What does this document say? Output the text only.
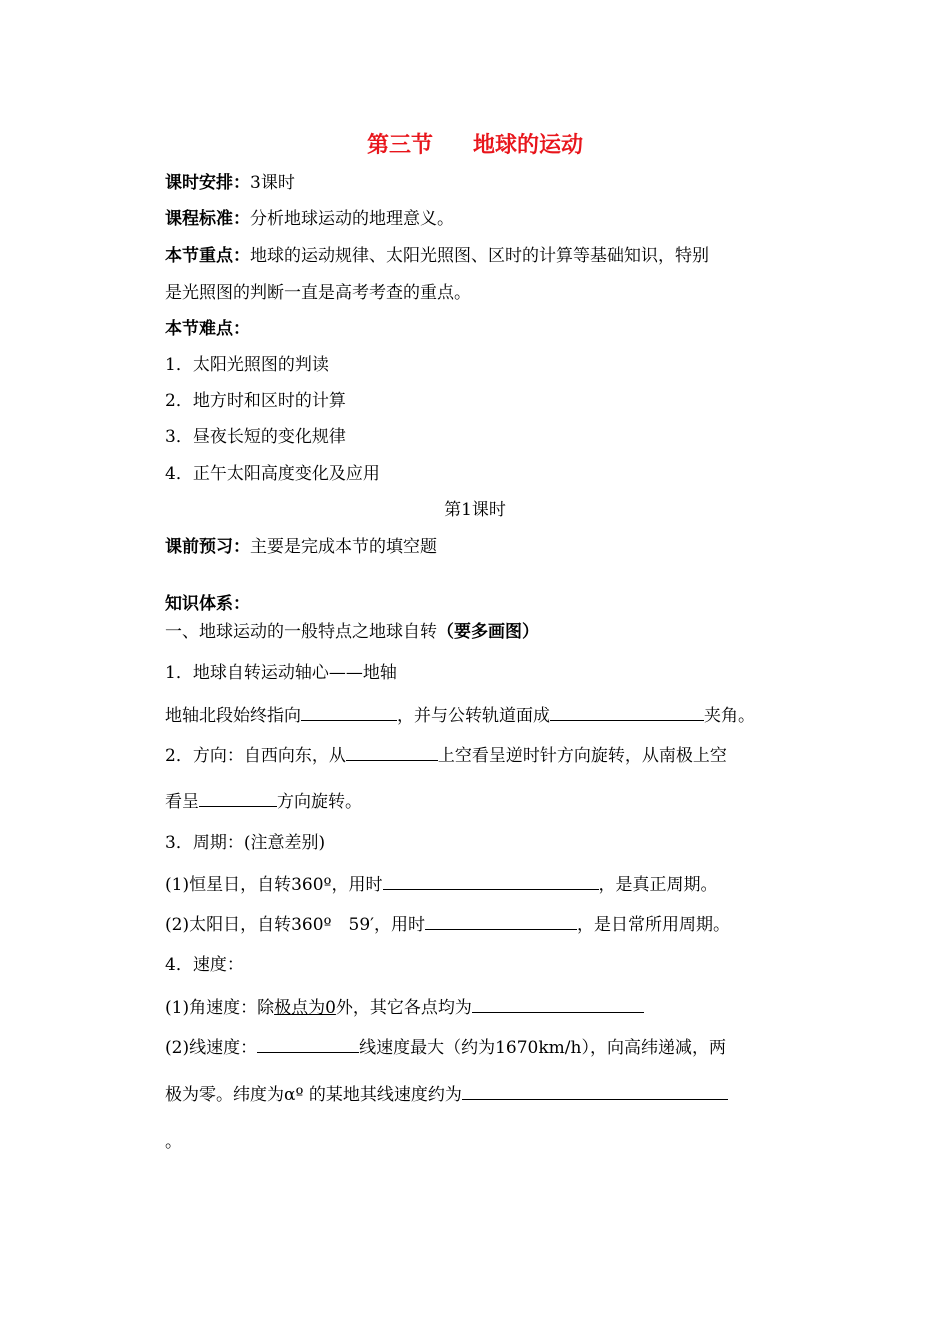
第三节 地球的运动

课时安排：3课时

课程标准：分析地球运动的地理意义。

本节重点：地球的运动规律、太阳光照图、区时的计算等基础知识，特别

是光照图的判断一直是高考考查的重点。

本节难点：

1．太阳光照图的判读

2．地方时和区时的计算

3．昼夜长短的变化规律

4．正午太阳高度变化及应用

第1课时

课前预习：主要是完成本节的填空题

知识体系：

一、地球运动的一般特点之地球自转（要多画图）

1．地球自转运动轴心——地轴

地轴北段始终指向	，并与公转轨道面成	夹角。

2．方向：自西向东，从	上空看呈逆时针方向旋转，从南极上空

看呈	方向旋转。

3．周期：(注意差别)

(1)恒星日，自转360º，用时	，是真正周期。

(2)太阳日，自转360º　59′，用时	，是日常所用周期。

4．速度：

(1)角速度：除极点为0外，其它各点均为

(2)线速度：	线速度最大（约为1670km/h），向高纬递减，两

极为零。纬度为αº 的某地其线速度约为

。
